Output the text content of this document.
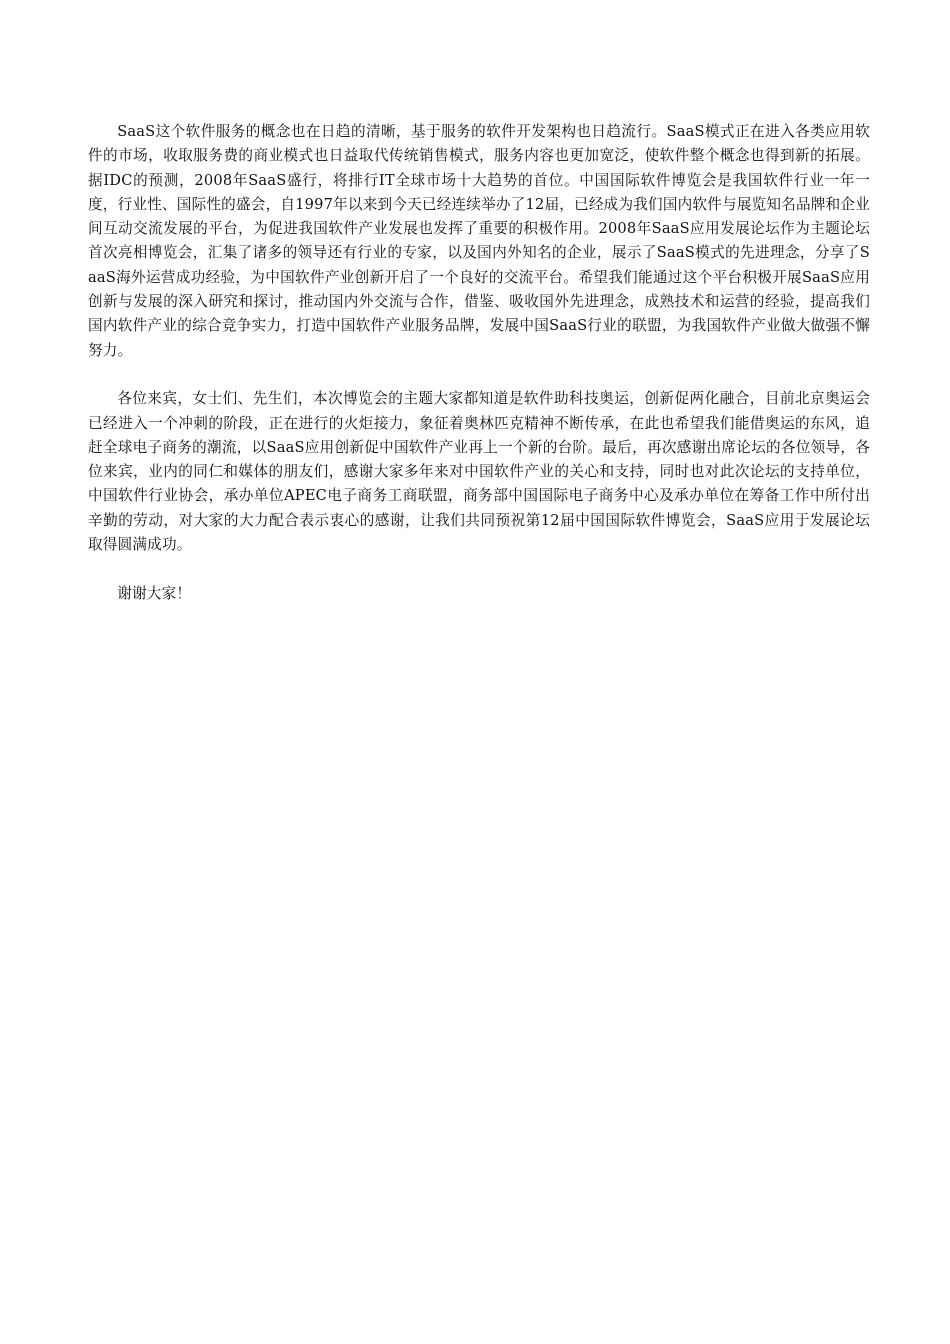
SaaS这个软件服务的概念也在日趋的清晰，基于服务的软件开发架构也日趋流行。SaaS模式正在进入各类应用软件的市场，收取服务费的商业模式也日益取代传统销售模式，服务内容也更加宽泛，使软件整个概念也得到新的拓展。据IDC的预测，2008年SaaS盛行，将排行IT全球市场十大趋势的首位。中国国际软件博览会是我国软件行业一年一度，行业性、国际性的盛会，自1997年以来到今天已经连续举办了12届，已经成为我们国内软件与展览知名品牌和企业间互动交流发展的平台，为促进我国软件产业发展也发挥了重要的积极作用。2008年SaaS应用发展论坛作为主题论坛首次亮相博览会，汇集了诸多的领导还有行业的专家，以及国内外知名的企业，展示了SaaS模式的先进理念，分享了SaaS海外运营成功经验，为中国软件产业创新开启了一个良好的交流平台。希望我们能通过这个平台积极开展SaaS应用创新与发展的深入研究和探讨，推动国内外交流与合作，借鉴、吸收国外先进理念，成熟技术和运营的经验，提高我们国内软件产业的综合竞争实力，打造中国软件产业服务品牌，发展中国SaaS行业的联盟，为我国软件产业做大做强不懈努力。

各位来宾，女士们、先生们，本次博览会的主题大家都知道是软件助科技奥运，创新促两化融合，目前北京奥运会已经进入一个冲刺的阶段，正在进行的火炬接力，象征着奥林匹克精神不断传承，在此也希望我们能借奥运的东风，追赶全球电子商务的潮流，以SaaS应用创新促中国软件产业再上一个新的台阶。最后，再次感谢出席论坛的各位领导，各位来宾，业内的同仁和媒体的朋友们，感谢大家多年来对中国软件产业的关心和支持，同时也对此次论坛的支持单位，中国软件行业协会，承办单位APEC电子商务工商联盟，商务部中国国际电子商务中心及承办单位在筹备工作中所付出辛勤的劳动，对大家的大力配合表示衷心的感谢，让我们共同预祝第12届中国国际软件博览会，SaaS应用于发展论坛取得圆满成功。

谢谢大家！
